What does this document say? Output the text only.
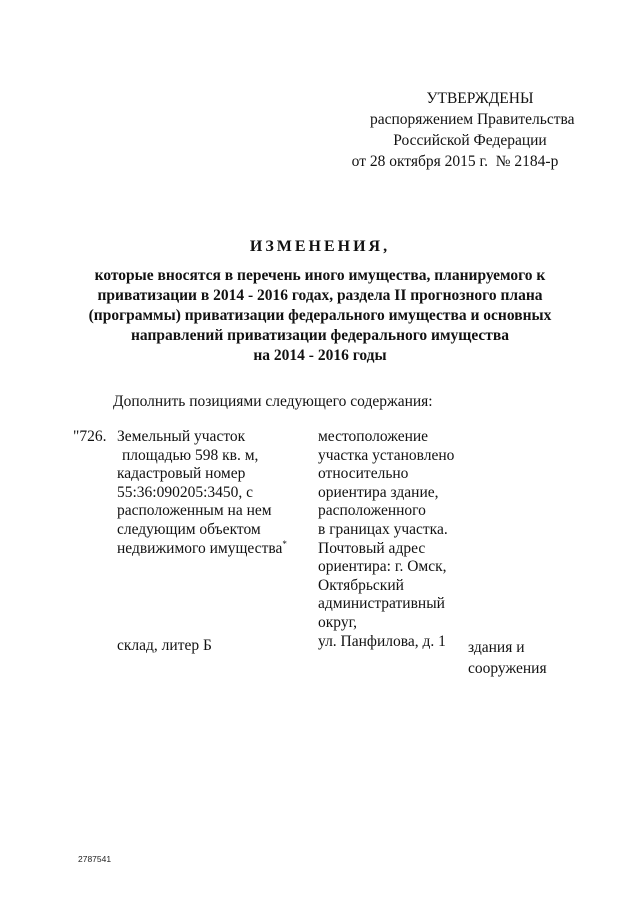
УТВЕРЖДЕНЫ
распоряжением Правительства
Российской Федерации
от 28 октября 2015 г.  № 2184-р
ИЗМЕНЕНИЯ,
которые вносятся в перечень иного имущества, планируемого к
приватизации в 2014 - 2016 годах, раздела II прогнозного плана
(программы) приватизации федерального имущества и основных
направлений приватизации федерального имущества
на 2014 - 2016 годы
Дополнить позициями следующего содержания:
"726. Земельный участок
площадью 598 кв. м,
кадастровый номер
55:36:090205:3450, с
расположенным на нем
следующим объектом
недвижимого имущества*
местоположение
участка установлено
относительно
ориентира здание,
расположенного
в границах участка.
Почтовый адрес
ориентира: г. Омск,
Октябрьский
административный
округ,
ул. Панфилова, д. 1
склад, литер Б	здания и
сооружения
2787541
